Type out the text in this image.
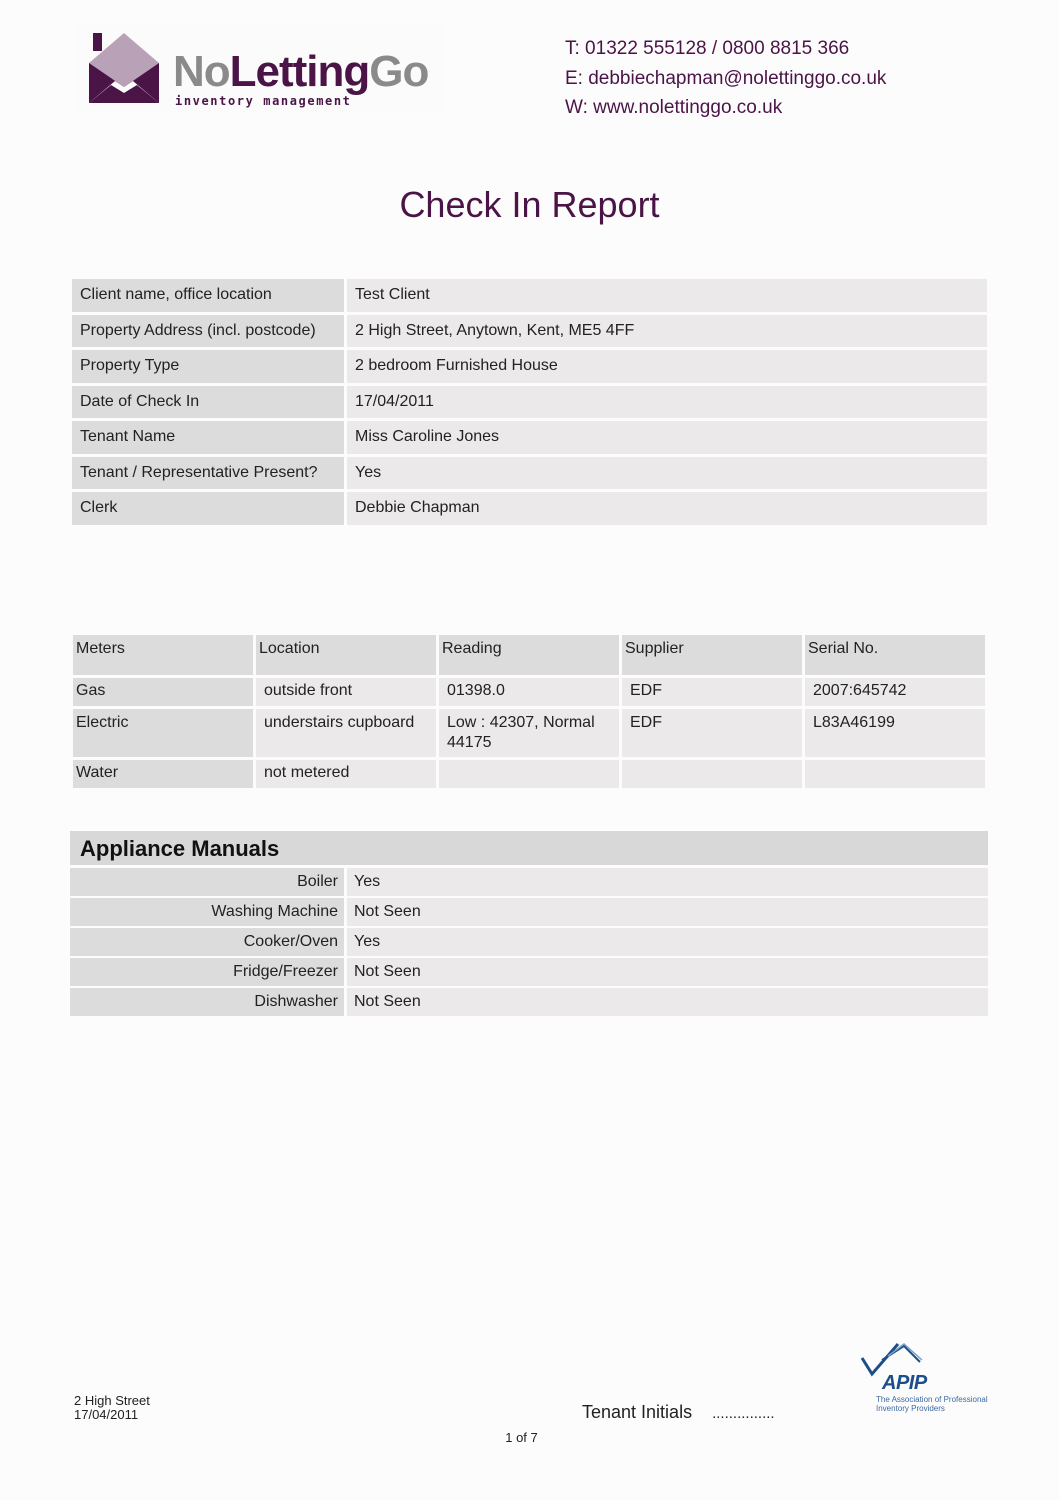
NoLettingGo
inventory management
T: 01322 555128 / 0800 8815 366
E: debbiechapman@nolettinggo.co.uk
W: www.nolettinggo.co.uk
Check In Report
Client name, office location	Test Client
Property Address (incl. postcode)	2 High Street, Anytown, Kent, ME5 4FF
Property Type	2 bedroom Furnished House
Date of Check In	17/04/2011
Tenant Name	Miss Caroline Jones
Tenant / Representative Present?	Yes
Clerk	Debbie Chapman
Meters	Location	Reading	Supplier	Serial No.
Gas	outside front	01398.0	EDF	2007:645742
Electric	understairs cupboard	Low : 42307, Normal 44175	EDF	L83A46199
Water	not metered			
Appliance Manuals
Boiler	Yes
Washing Machine	Not Seen
Cooker/Oven	Yes
Fridge/Freezer	Not Seen
Dishwasher	Not Seen
2 High Street
17/04/2011	Tenant Initials ...............
1 of 7
APIP
The Association of Professional Inventory Providers
